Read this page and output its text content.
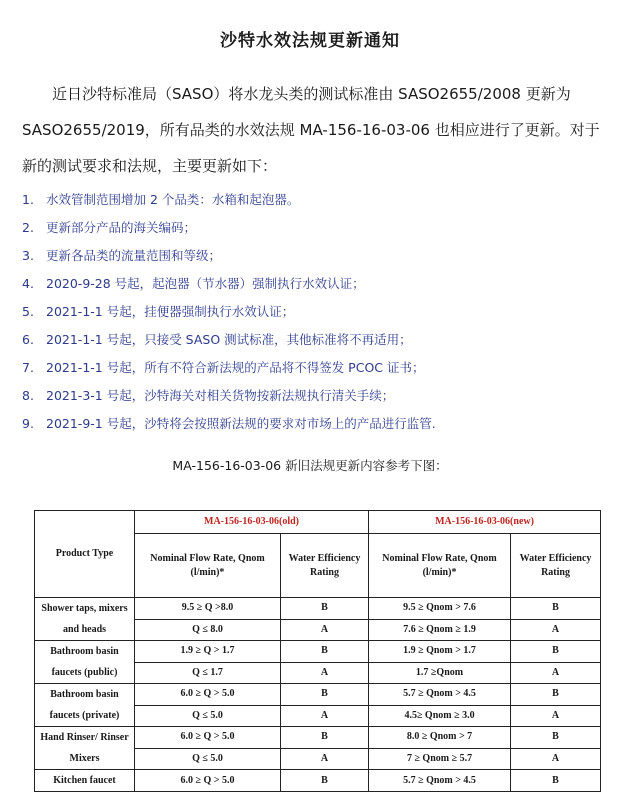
沙特水效法规更新通知

近日沙特标准局（SASO）将水龙头类的测试标准由 SASO2655/2008 更新为SASO2655/2019，所有品类的水效法规 MA-156-16-03-06 也相应进行了更新。对于新的测试要求和法规，主要更新如下：

1. 水效管制范围增加 2 个品类：水箱和起泡器。
2. 更新部分产品的海关编码；
3. 更新各品类的流量范围和等级；
4. 2020-9-28 号起，起泡器（节水器）强制执行水效认证；
5. 2021-1-1 号起，挂便器强制执行水效认证；
6. 2021-1-1 号起，只接受 SASO 测试标准，其他标准将不再适用；
7. 2021-1-1 号起，所有不符合新法规的产品将不得签发 PCOC 证书；
8. 2021-3-1 号起，沙特海关对相关货物按新法规执行清关手续；
9. 2021-9-1 号起，沙特将会按照新法规的要求对市场上的产品进行监管.
MA-156-16-03-06 新旧法规更新内容参考下图：
Product Type	MA-156-16-03-06(old)		MA-156-16-03-06(new)	
	Nominal Flow Rate, Qnom (l/min)*	Water Efficiency Rating	Nominal Flow Rate, Qnom (l/min)*	Water Efficiency Rating
Shower taps, mixers and heads	9.5 ≥ Q >8.0	B	9.5 ≥ Qnom > 7.6	B
	Q ≤ 8.0	A	7.6 ≥ Qnom ≥ 1.9	A
Bathroom basin faucets (public)	1.9 ≥ Q > 1.7	B	1.9 ≥ Qnom > 1.7	B
	Q ≤ 1.7	A	1.7 ≥Qnom	A
Bathroom basin faucets (private)	6.0 ≥ Q > 5.0	B	5.7 ≥ Qnom > 4.5	B
	Q ≤ 5.0	A	4.5≥ Qnom ≥ 3.0	A
Hand Rinser/ Rinser Mixers	6.0 ≥ Q > 5.0	B	8.0 ≥ Qnom > 7	B
	Q ≤ 5.0	A	7 ≥ Qnom ≥ 5.7	A
Kitchen faucet	6.0 ≥ Q > 5.0	B	5.7 ≥ Qnom > 4.5	B
